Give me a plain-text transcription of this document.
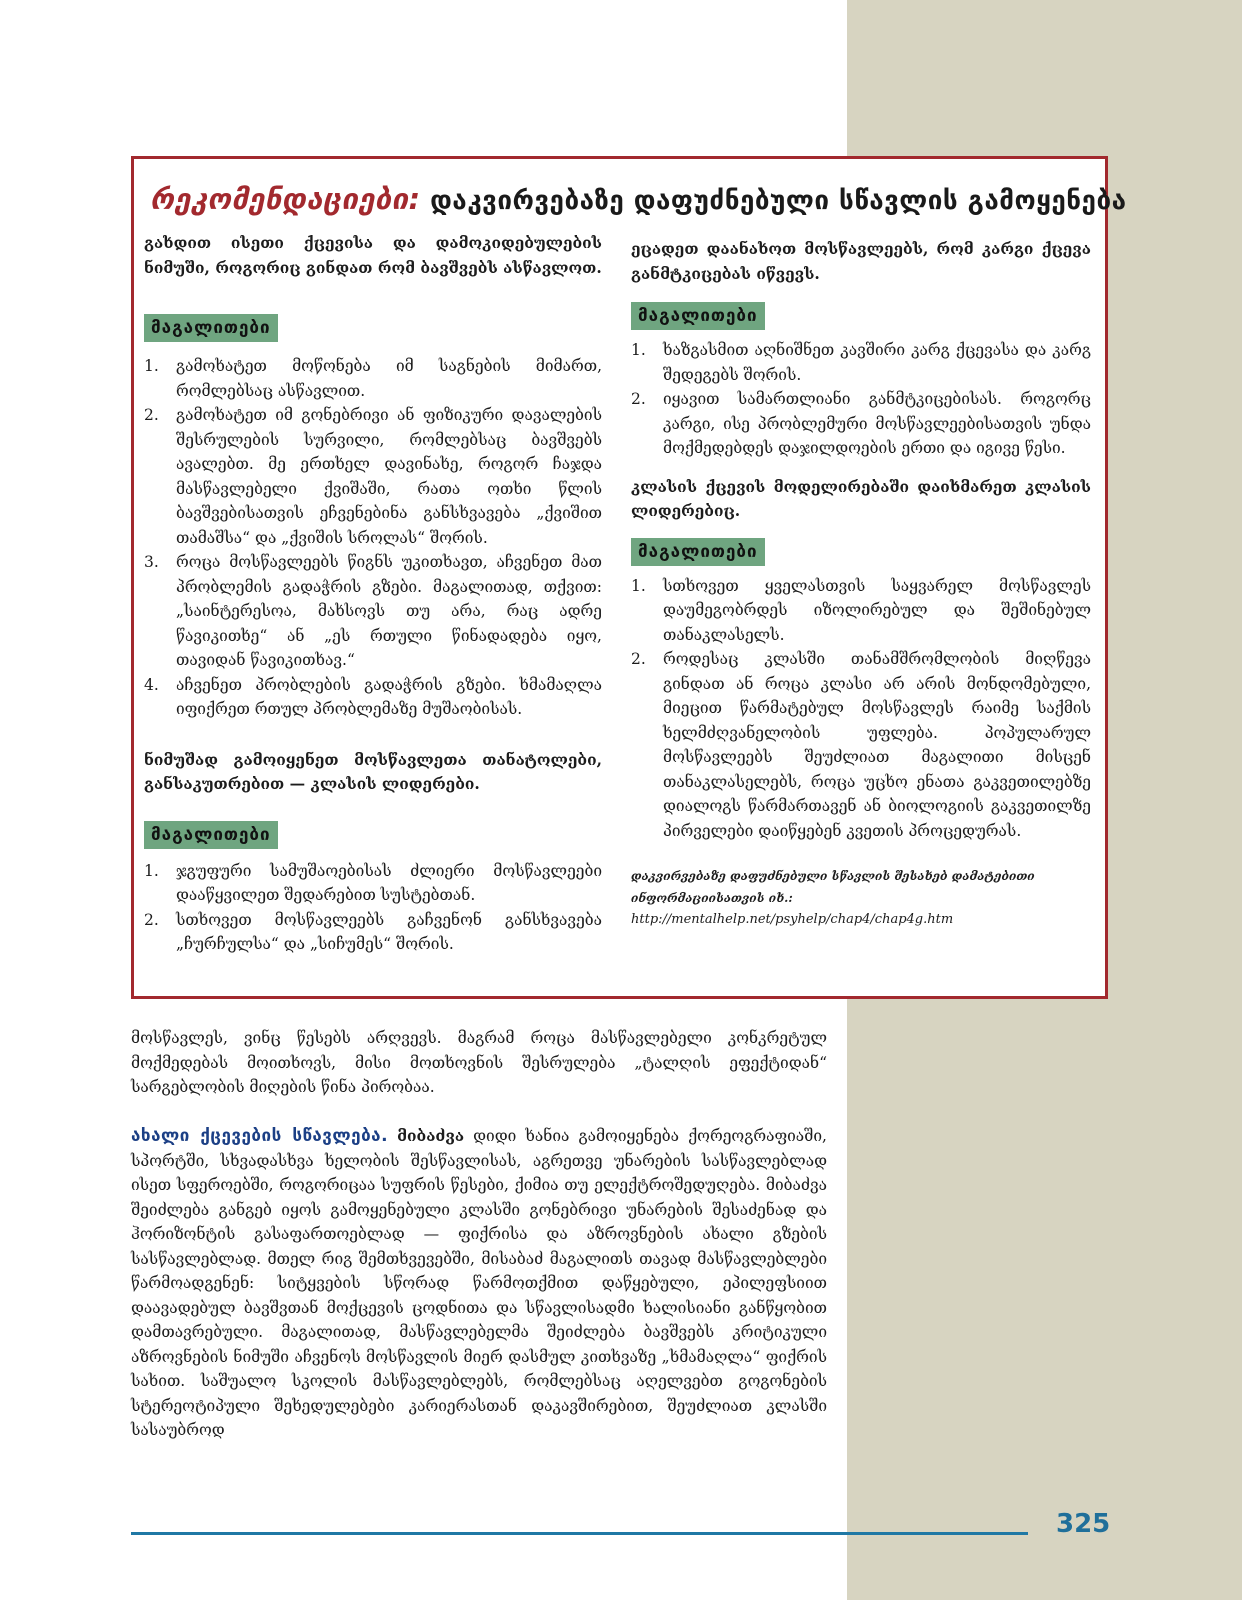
რეკომენდაციები: დაკვირვებაზე დაფუძნებული სწავლის გამოყენება

გახდით ისეთი ქცევისა და დამოკიდებულების ნიმუში, როგორიც გინდათ რომ ბავშვებს ასწავლოთ.

მაგალითები
1. გამოხატეთ მოწონება იმ საგნების მიმართ, რომლებსაც ასწავლით.
2. გამოხატეთ იმ გონებრივი ან ფიზიკური დავალების შესრულების სურვილი, რომლებსაც ბავშვებს ავალებთ. მე ერთხელ დავინახე, როგორ ჩაჯდა მასწავლებელი ქვიშაში, რათა ოთხი წლის ბავშვებისათვის ეჩვენებინა განსხვავება „ქვიშით თამაშსა“ და „ქვიშის სროლას“ შორის.
3. როცა მოსწავლეებს წიგნს უკითხავთ, აჩვენეთ მათ პრობლემის გადაჭრის გზები. მაგალითად, თქვით: „საინტერესოა, მახსოვს თუ არა, რაც ადრე წავიკითხე“ ან „ეს რთული წინადადება იყო, თავიდან წავიკითხავ.“
4. აჩვენეთ პრობლების გადაჭრის გზები. ხმამაღლა იფიქრეთ რთულ პრობლემაზე მუშაობისას.

ნიმუშად გამოიყენეთ მოსწავლეთა თანატოლები, განსაკუთრებით — კლასის ლიდერები.

მაგალითები
1. ჯგუფური სამუშაოებისას ძლიერი მოსწავლეები დააწყვილეთ შედარებით სუსტებთან.
2. სთხოვეთ მოსწავლეებს გაჩვენონ განსხვავება „ჩურჩულსა“ და „სიჩუმეს“ შორის.

ეცადეთ დაანახოთ მოსწავლეებს, რომ კარგი ქცევა განმტკიცებას იწვევს.

მაგალითები
1. ხაზგასმით აღნიშნეთ კავშირი კარგ ქცევასა და კარგ შედეგებს შორის.
2. იყავით სამართლიანი განმტკიცებისას. როგორც კარგი, ისე პრობლემური მოსწავლეებისათვის უნდა მოქმედებდეს დაჯილდოების ერთი და იგივე წესი.

კლასის ქცევის მოდელირებაში დაიხმარეთ კლასის ლიდერებიც.

მაგალითები
1. სთხოვეთ ყველასთვის საყვარელ მოსწავლეს დაუმეგობრდეს იზოლირებულ და შეშინებულ თანაკლასელს.
2. როდესაც კლასში თანამშრომლობის მიღწევა გინდათ ან როცა კლასი არ არის მონდომებული, მიეცით წარმატებულ მოსწავლეს რაიმე საქმის ხელმძღვანელობის უფლება. პოპულარულ მოსწავლეებს შეუძლიათ მაგალითი მისცენ თანაკლასელებს, როცა უცხო ენათა გაკვეთილებზე დიალოგს წარმართავენ ან ბიოლოგიის გაკვეთილზე პირველები დაიწყებენ კვეთის პროცედურას.

დაკვირვებაზე დაფუძნებული სწავლის შესახებ დამატებითი ინფორმაციისათვის იხ.:

http://mentalhelp.net/psyhelp/chap4/chap4g.htm

მოსწავლეს, ვინც წესებს არღვევს. მაგრამ როცა მასწავლებელი კონკრეტულ მოქმედებას მოითხოვს, მისი მოთხოვნის შესრულება „ტალღის ეფექტიდან“ სარგებლობის მიღების წინა პირობაა.
ახალი ქცევების სწავლება. მიბაძვა დიდი ხანია გამოიყენება ქორეოგრაფიაში, სპორტში, სხვადასხვა ხელობის შესწავლისას, აგრეთვე უნარების სასწავლებლად ისეთ სფეროებში, როგორიცაა სუფრის წესები, ქიმია თუ ელექტროშედუღება. მიბაძვა შეიძლება განგებ იყოს გამოყენებული კლასში გონებრივი უნარების შესაძენად და ჰორიზონტის გასაფართოებლად — ფიქრისა და აზროვნების ახალი გზების სასწავლებლად. მთელ რიგ შემთხვევებში, მისაბაძ მაგალითს თავად მასწავლებლები წარმოადგენენ: სიტყვების სწორად წარმოთქმით დაწყებული, ეპილეფსიით დაავადებულ ბავშვთან მოქცევის ცოდნითა და სწავლისადმი ხალისიანი განწყობით დამთავრებული. მაგალითად, მასწავლებელმა შეიძლება ბავშვებს კრიტიკული აზროვნების ნიმუში აჩვენოს მოსწავლის მიერ დასმულ კითხვაზე „ხმამაღლა“ ფიქრის სახით. საშუალო სკოლის მასწავლებლებს, რომლებსაც აღელვებთ გოგონების სტერეოტიპული შეხედულებები კარიერასთან დაკავშირებით, შეუძლიათ კლასში სასაუბროდ
325
